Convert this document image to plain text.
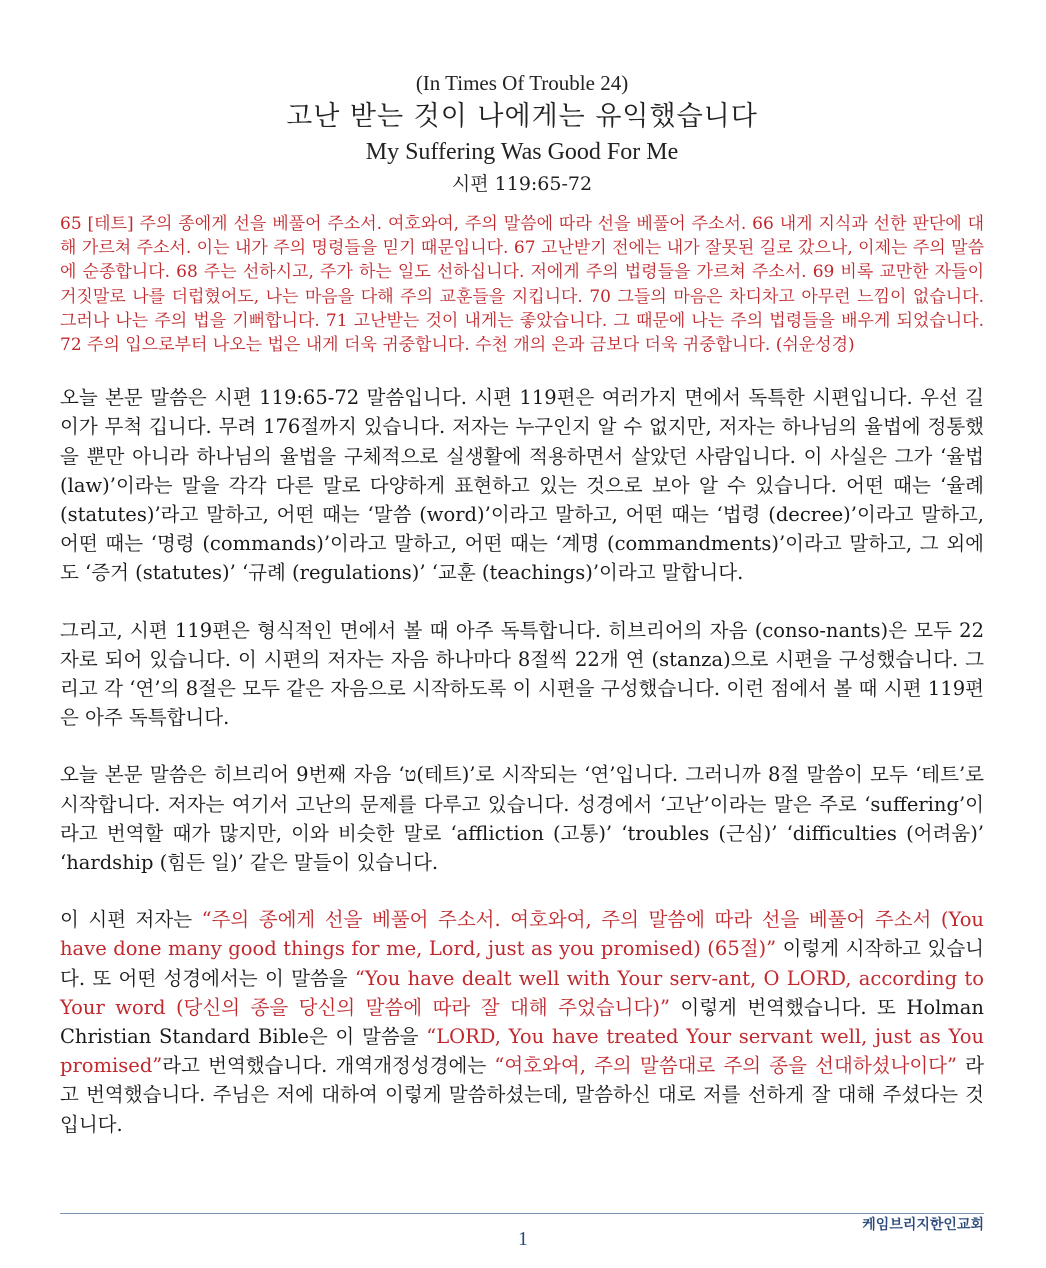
(In Times Of Trouble 24)
고난 받는 것이 나에게는 유익했습니다
My Suffering Was Good For Me
시편 119:65-72

65 [테트] 주의 종에게 선을 베풀어 주소서. 여호와여, 주의 말씀에 따라 선을 베풀어 주소서. 66 내게 지식과 선한 판단에 대해 가르쳐 주소서. 이는 내가 주의 명령들을 믿기 때문입니다. 67 고난받기 전에는 내가 잘못된 길로 갔으나, 이제는 주의 말씀에 순종합니다. 68 주는 선하시고, 주가 하는 일도 선하십니다. 저에게 주의 법령들을 가르쳐 주소서. 69 비록 교만한 자들이 거짓말로 나를 더럽혔어도, 나는 마음을 다해 주의 교훈들을 지킵니다. 70 그들의 마음은 차디차고 아무런 느낌이 없습니다. 그러나 나는 주의 법을 기뻐합니다. 71 고난받는 것이 내게는 좋았습니다. 그 때문에 나는 주의 법령들을 배우게 되었습니다. 72 주의 입으로부터 나오는 법은 내게 더욱 귀중합니다. 수천 개의 은과 금보다 더욱 귀중합니다. (쉬운성경)

오늘 본문 말씀은 시편 119:65-72 말씀입니다. 시편 119편은 여러가지 면에서 독특한 시편입니다. 우선 길이가 무척 깁니다. 무려 176절까지 있습니다. 저자는 누구인지 알 수 없지만, 저자는 하나님의 율법에 정통했을 뿐만 아니라 하나님의 율법을 구체적으로 실생활에 적용하면서 살았던 사람입니다. 이 사실은 그가 ‘율법 (law)’이라는 말을 각각 다른 말로 다양하게 표현하고 있는 것으로 보아 알 수 있습니다. 어떤 때는 ‘율례 (statutes)’라고 말하고, 어떤 때는 ‘말씀 (word)’이라고 말하고, 어떤 때는 ‘법령 (decree)’이라고 말하고, 어떤 때는 ‘명령 (commands)’이라고 말하고, 어떤 때는 ‘계명 (commandments)’이라고 말하고, 그 외에도 ‘증거 (statutes)’ ‘규례 (regulations)’ ‘교훈 (teachings)’이라고 말합니다.

그리고, 시편 119편은 형식적인 면에서 볼 때 아주 독특합니다. 히브리어의 자음 (conso-nants)은 모두 22자로 되어 있습니다. 이 시편의 저자는 자음 하나마다 8절씩 22개 연 (stanza)으로 시편을 구성했습니다. 그리고 각 ‘연’의 8절은 모두 같은 자음으로 시작하도록 이 시편을 구성했습니다. 이런 점에서 볼 때 시편 119편은 아주 독특합니다.

오늘 본문 말씀은 히브리어 9번째 자음 ‘ט(테트)’로 시작되는 ‘연’입니다. 그러니까 8절 말씀이 모두 ‘테트’로 시작합니다. 저자는 여기서 고난의 문제를 다루고 있습니다. 성경에서 ‘고난’이라는 말은 주로 ‘suffering’이라고 번역할 때가 많지만, 이와 비슷한 말로 ‘affliction (고통)’ ‘troubles (근심)’ ‘difficulties (어려움)’ ‘hardship (힘든 일)’ 같은 말들이 있습니다.

이 시편 저자는 “주의 종에게 선을 베풀어 주소서. 여호와여, 주의 말씀에 따라 선을 베풀어 주소서 (You have done many good things for me, Lord, just as you promised) (65절)” 이렇게 시작하고 있습니다. 또 어떤 성경에서는 이 말씀을 “You have dealt well with Your serv-ant, O LORD, according to Your word (당신의 종을 당신의 말씀에 따라 잘 대해 주었습니다)” 이렇게 번역했습니다. 또 Holman Christian Standard Bible은 이 말씀을 “LORD, You have treated Your servant well, just as You promised”라고 번역했습니다. 개역개정성경에는 “여호와여, 주의 말씀대로 주의 종을 선대하셨나이다” 라고 번역했습니다. 주님은 저에 대하여 이렇게 말씀하셨는데, 말씀하신 대로 저를 선하게 잘 대해 주셨다는 것입니다.

케임브리지한인교회
1
